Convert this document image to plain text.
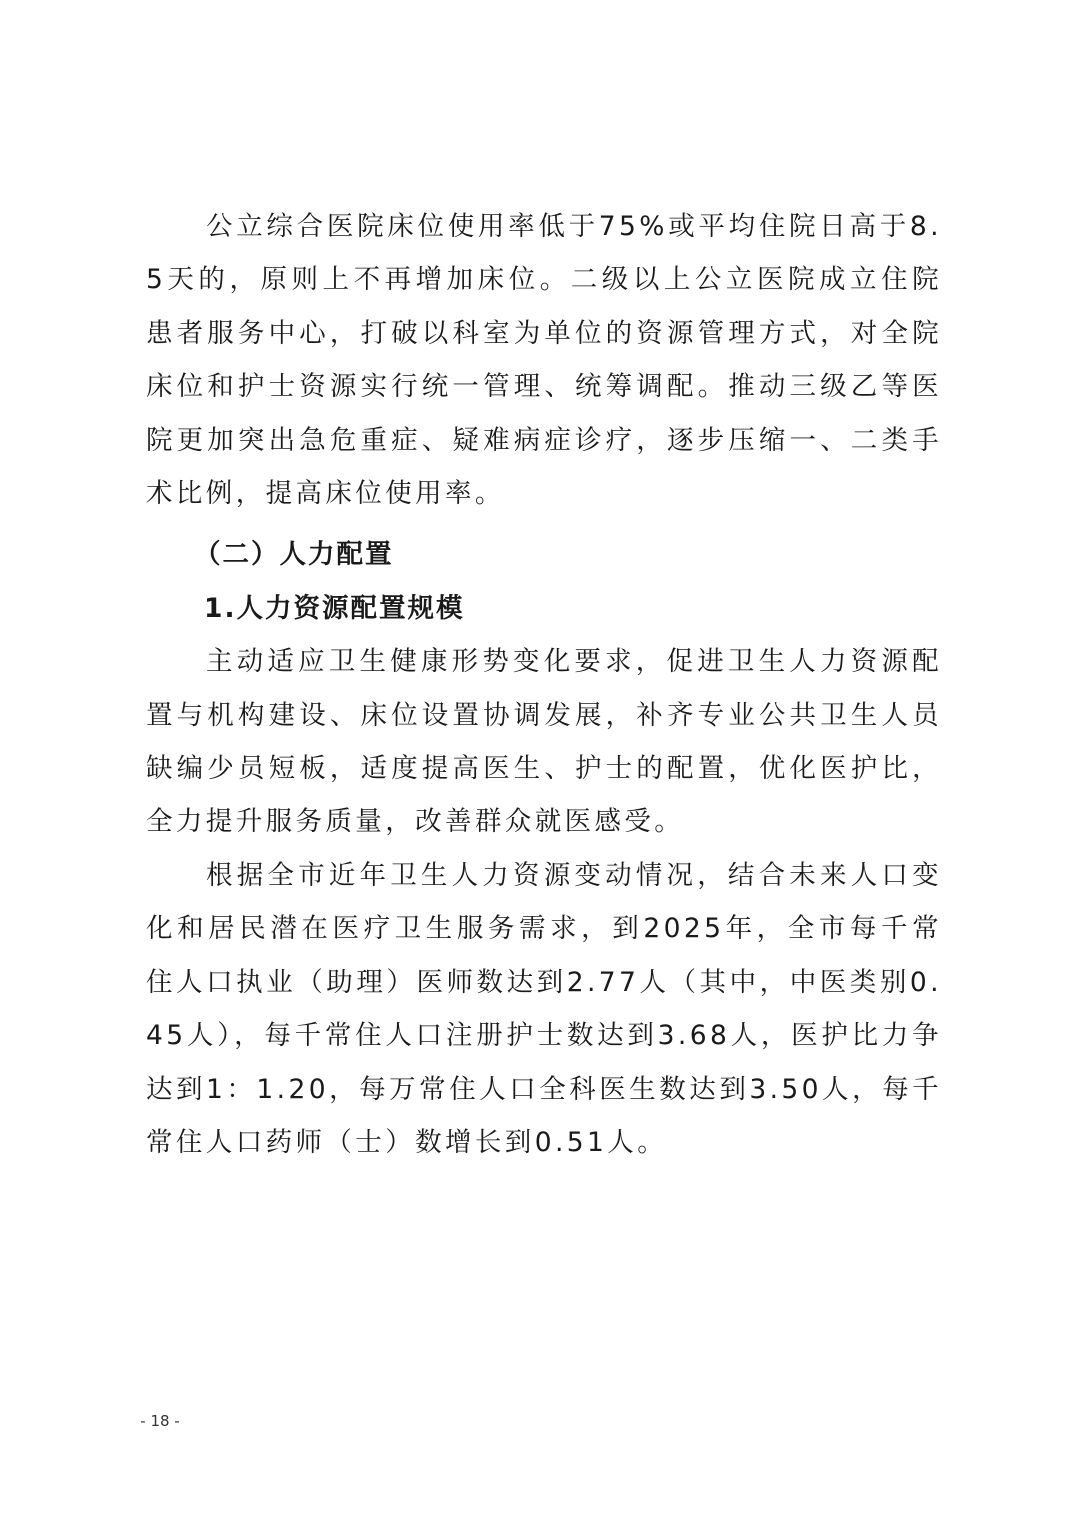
公立综合医院床位使用率低于75%或平均住院日高于8.5天的，原则上不再增加床位。二级以上公立医院成立住院患者服务中心，打破以科室为单位的资源管理方式，对全院床位和护士资源实行统一管理、统筹调配。推动三级乙等医院更加突出急危重症、疑难病症诊疗，逐步压缩一、二类手术比例，提高床位使用率。

（二）人力配置

1.人力资源配置规模

主动适应卫生健康形势变化要求，促进卫生人力资源配置与机构建设、床位设置协调发展，补齐专业公共卫生人员缺编少员短板，适度提高医生、护士的配置，优化医护比，全力提升服务质量，改善群众就医感受。

根据全市近年卫生人力资源变动情况，结合未来人口变化和居民潜在医疗卫生服务需求，到2025年，全市每千常住人口执业（助理）医师数达到2.77人（其中，中医类别0.45人），每千常住人口注册护士数达到3.68人，医护比力争达到1：1.20，每万常住人口全科医生数达到3.50人，每千常住人口药师（士）数增长到0.51人。

- 18 -
